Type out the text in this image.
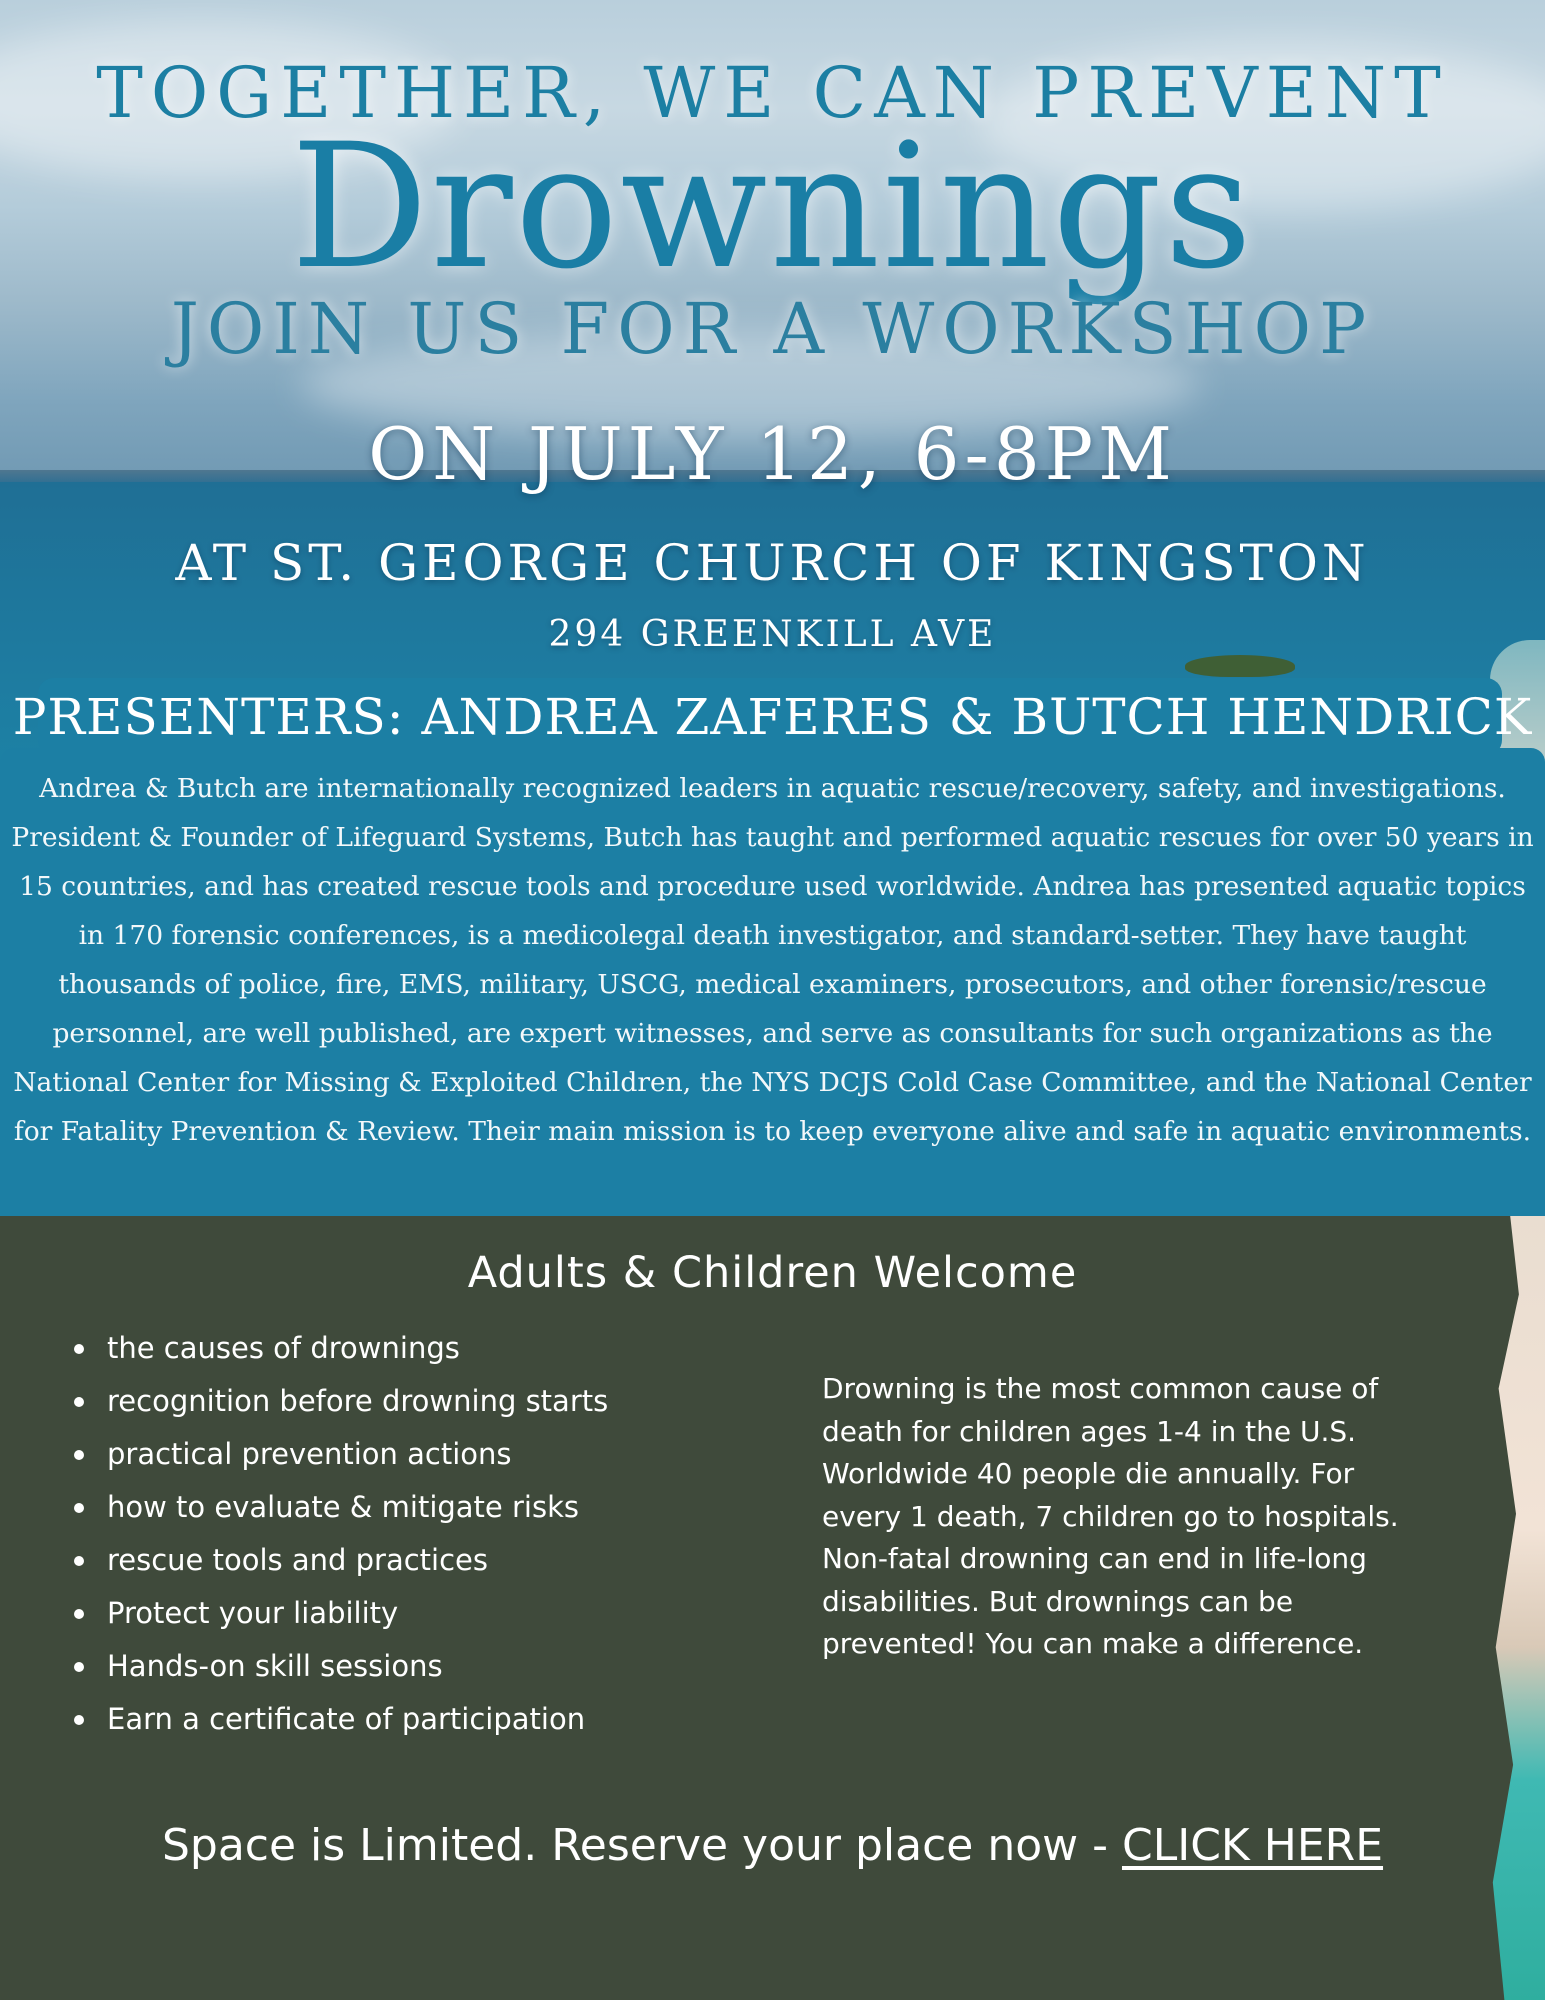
TOGETHER, WE CAN PREVENT
Drownings
JOIN US FOR A WORKSHOP
ON JULY 12, 6-8PM
AT ST. GEORGE CHURCH OF KINGSTON
294 GREENKILL AVE
PRESENTERS: ANDREA ZAFERES & BUTCH HENDRICK
Andrea & Butch are internationally recognized leaders in aquatic rescue/recovery, safety, and investigations. President & Founder of Lifeguard Systems, Butch has taught and performed aquatic rescues for over 50 years in 15 countries, and has created rescue tools and procedure used worldwide. Andrea has presented aquatic topics in 170 forensic conferences, is a medicolegal death investigator, and standard-setter. They have taught thousands of police, fire, EMS, military, USCG, medical examiners, prosecutors, and other forensic/rescue personnel, are well published, are expert witnesses, and serve as consultants for such organizations as the National Center for Missing & Exploited Children, the NYS DCJS Cold Case Committee, and the National Center for Fatality Prevention & Review. Their main mission is to keep everyone alive and safe in aquatic environments.
Adults & Children Welcome
the causes of drownings
recognition before drowning starts
practical prevention actions
how to evaluate & mitigate risks
rescue tools and practices
Protect your liability
Hands-on skill sessions
Earn a certificate of participation
Drowning is the most common cause of death for children ages 1-4 in the U.S. Worldwide 40 people die annually. For every 1 death, 7 children go to hospitals. Non-fatal drowning can end in life-long disabilities. But drownings can be prevented! You can make a difference.
Space is Limited. Reserve your place now - CLICK HERE
